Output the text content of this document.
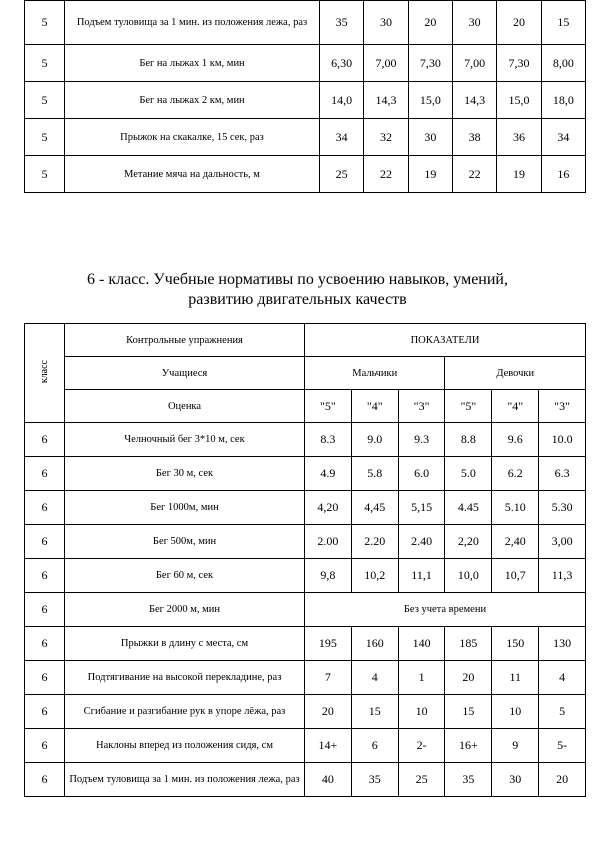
5	Подъем туловища за 1 мин. из положения лежа, раз	35	30	20	30	20	15
5	Бег на лыжах 1 км, мин	6,30	7,00	7,30	7,00	7,30	8,00
5	Бег на лыжах 2 км, мин	14,0	14,3	15,0	14,3	15,0	18,0
5	Прыжок на скакалке, 15 сек, раз	34	32	30	38	36	34
5	Метание мяча на дальность, м	25	22	19	22	19	16
6 - класс. Учебные нормативы по усвоению навыков, умений,
развитию двигательных качеств
класс	Контрольные упражнения	ПОКАЗАТЕЛИ					
	Учащиеся	Мальчики			Девочки		
	Оценка	"5"	"4"	"3"	"5"	"4"	"3"
6	Челночный бег 3*10 м, сек	8.3	9.0	9.3	8.8	9.6	10.0
6	Бег 30 м, сек	4.9	5.8	6.0	5.0	6.2	6.3
6	Бег 1000м, мин	4,20	4,45	5,15	4.45	5.10	5.30
6	Бег 500м, мин	2.00	2.20	2.40	2,20	2,40	3,00
6	Бег 60 м, сек	9,8	10,2	11,1	10,0	10,7	11,3
6	Бег 2000 м, мин	Без учета времени					
6	Прыжки в длину с места, см	195	160	140	185	150	130
6	Подтягивание на высокой перекладине, раз	7	4	1	20	11	4
6	Сгибание и разгибание рук в упоре лёжа, раз	20	15	10	15	10	5
6	Наклоны вперед из положения сидя, см	14+	6	2-	16+	9	5-
6	Подъем туловища за 1 мин. из положения лежа, раз	40	35	25	35	30	20
